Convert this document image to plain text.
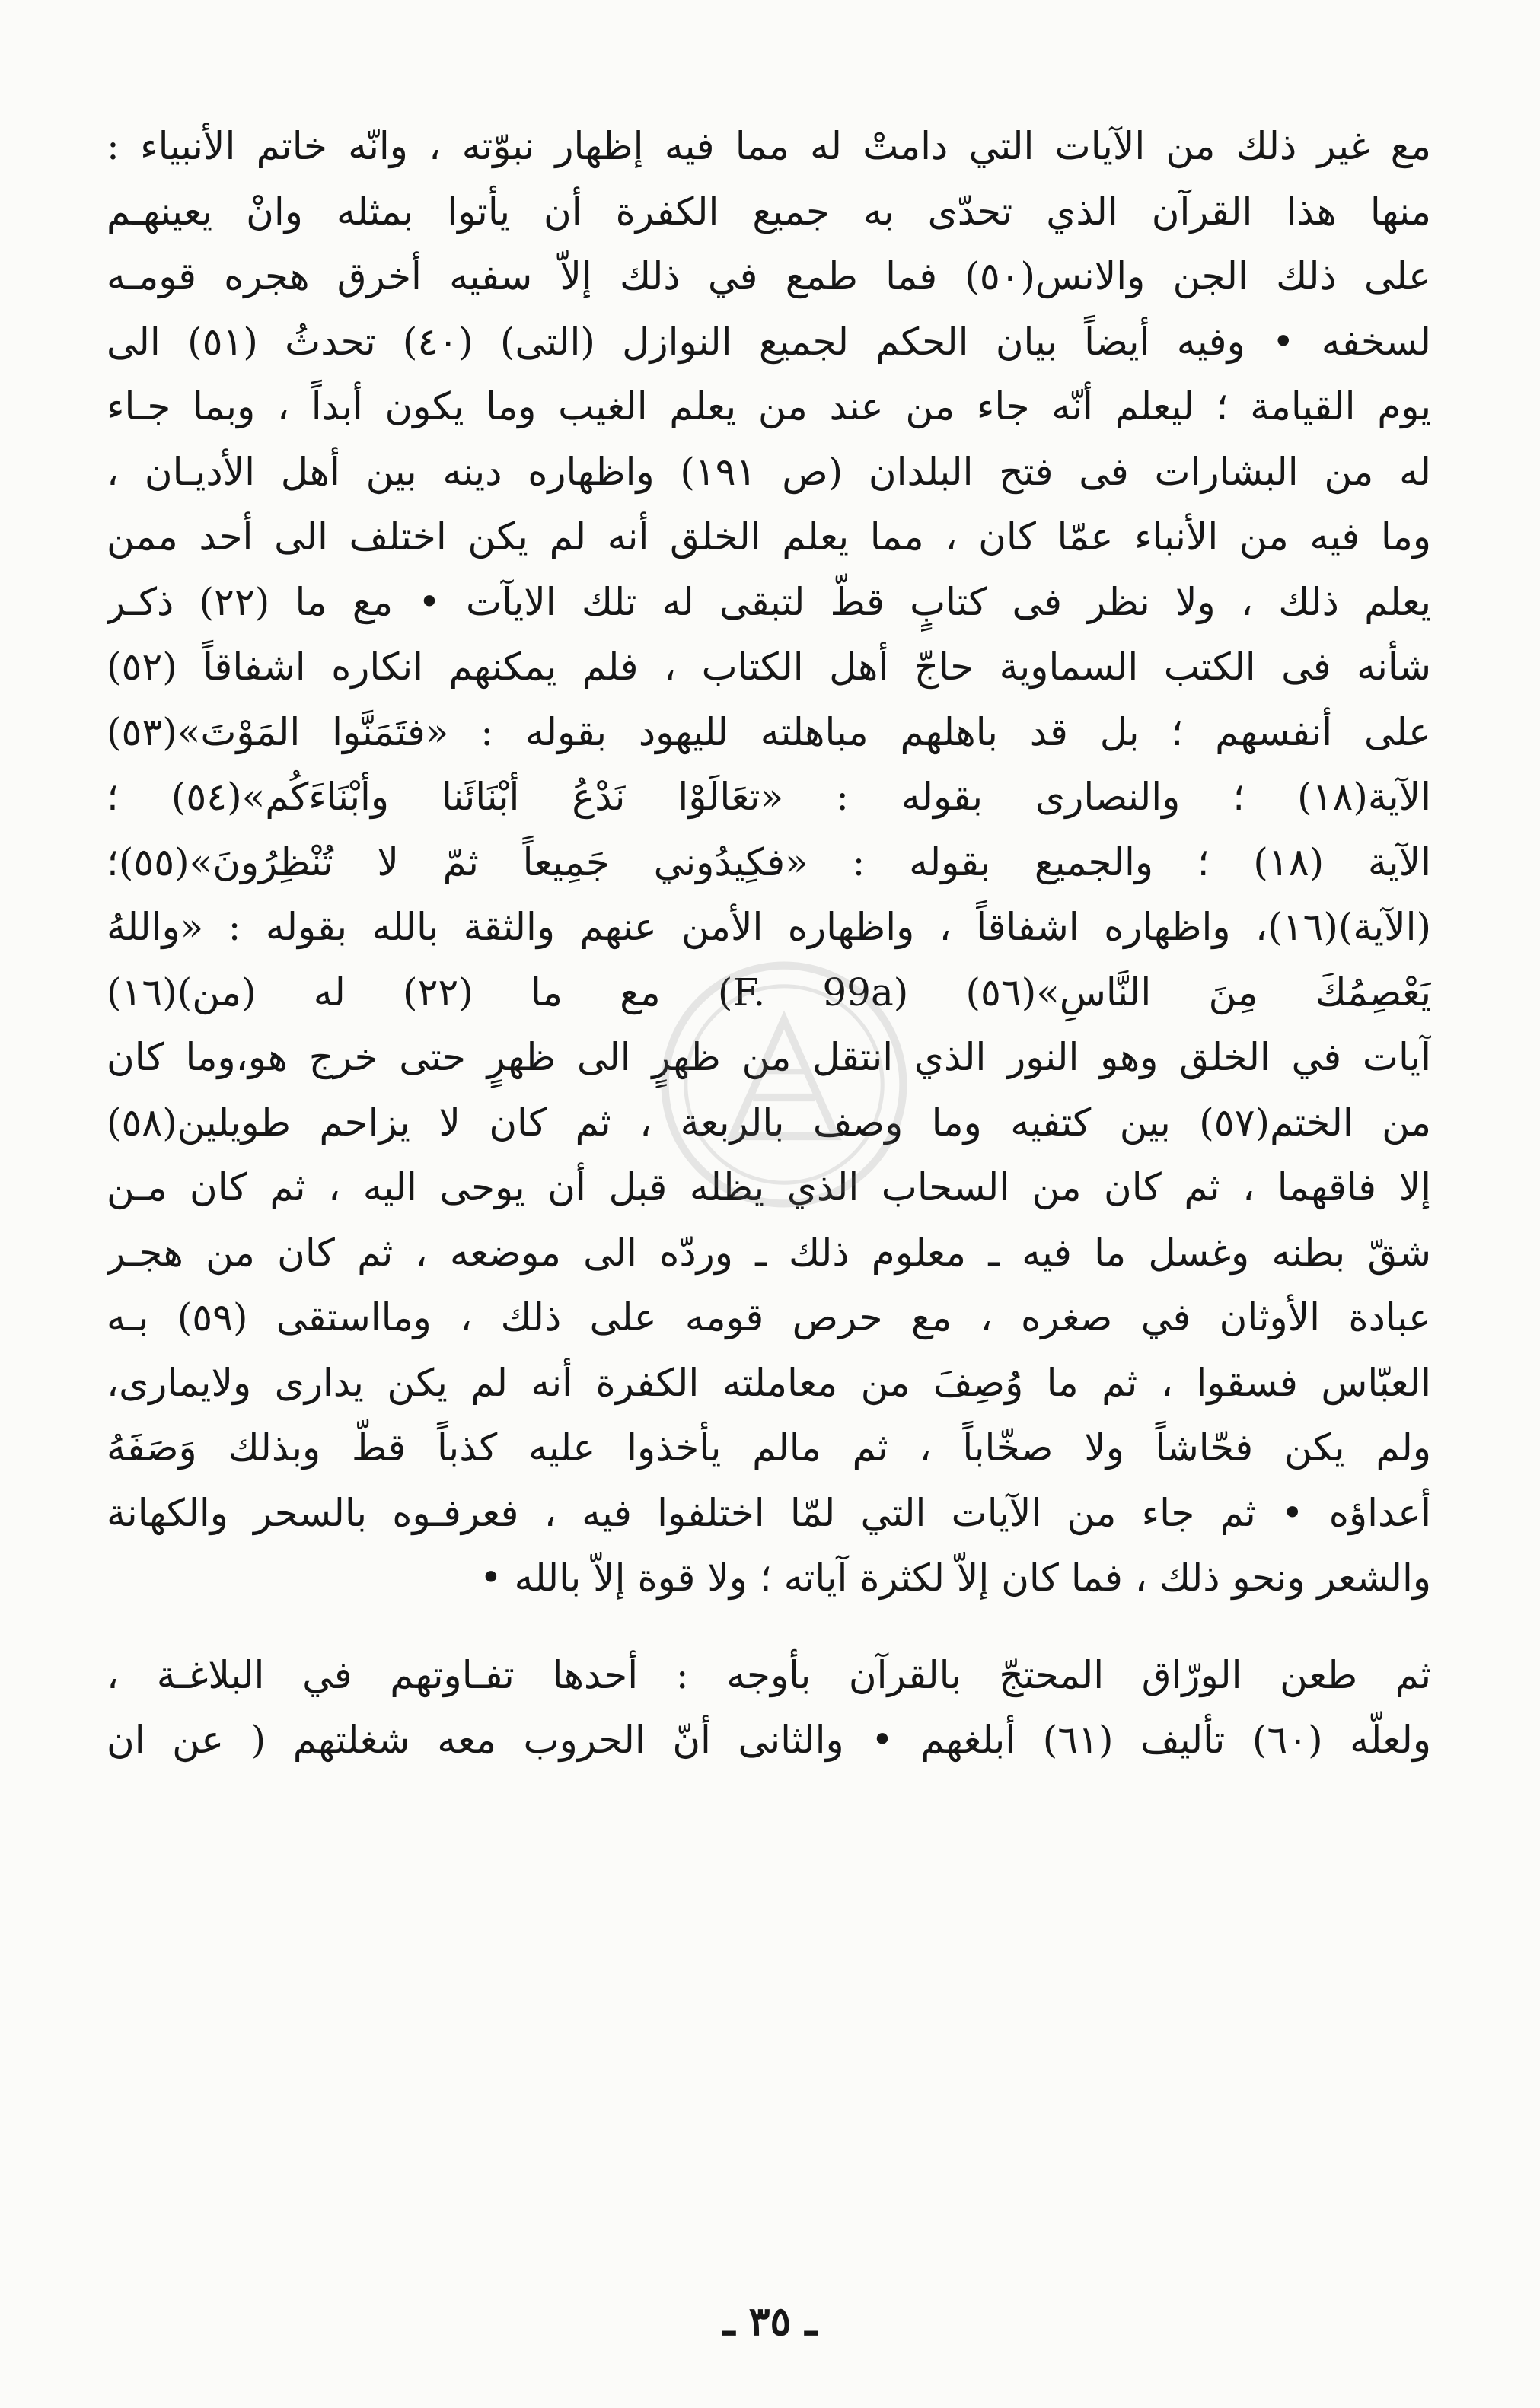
مع غير ذلك من الآيات التي دامتْ له مما فيه إظهار نبوّته ، وانّه خاتم الأنبياء :
منها هذا القرآن الذي تحدّى به جميع الكفرة أن يأتوا بمثله وانْ يعينهـم
على ذلك الجن والانس(٥٠) فما طمع في ذلك إلاّ سفيه أخرق هجره قومـه
لسخفه • وفيه أيضاً بيان الحكم لجميع النوازل (التى) (٤٠) تحدثُ (٥١) الى
يوم القيامة ؛ ليعلم أنّه جاء من عند من يعلم الغيب وما يكون أبداً ، وبما جـاء
له من البشارات فى فتح البلدان (ص ١٩١) واظهاره دينه بين أهل الأديـان ،
وما فيه من الأنباء عمّا كان ، مما يعلم الخلق أنه لم يكن اختلف الى أحد ممن
يعلم ذلك ، ولا نظر فى كتابٍ قطّ لتبقى له تلك الايآت • مع ما (٢٢) ذكـر
شأنه فى الكتب السماوية حاجّ أهل الكتاب ، فلم يمكنهم انكاره اشفاقاً (٥٢)
على أنفسهم ؛ بل قد باهلهم مباهلته لليهود بقوله : «فتَمَنَّوا المَوْتَ»(٥٣)
الآية(١٨) ؛ والنصارى بقوله : «تعَالَوْا نَدْعُ أبْنَائَنا وأبْنَاءَكُم»(٥٤) ؛
الآية (١٨) ؛ والجميع بقوله : «فكِيدُوني جَمِيعاً ثمّ لا تُنْظِرُونَ»(٥٥)؛
(الآية)(١٦)، واظهاره اشفاقاً ، واظهاره الأمن عنهم والثقة بالله بقوله : «واللهُ
يَعْصِمُكَ مِنَ النَّاسِ»(٥٦) (F. 99a) مع ما (٢٢) له (من)(١٦)
آيات في الخلق وهو النور الذي انتقل من ظهرٍ الى ظهرٍ حتى خرج هو،وما كان
من الختم(٥٧) بين كتفيه وما وصف بالربعة ، ثم كان لا يزاحم طويلين(٥٨)
إلا فاقهما ، ثم كان من السحاب الذي يظله قبل أن يوحى اليه ، ثم كان مـن
شقّ بطنه وغسل ما فيه ـ معلوم ذلك ـ وردّه الى موضعه ، ثم كان من هجـر
عبادة الأوثان في صغره ، مع حرص قومه على ذلك ، ومااستقى (٥٩) بـه
العبّاس فسقوا ، ثم ما وُصِفَ من معاملته الكفرة أنه لم يكن يدارى ولايمارى،
ولم يكن فحّاشاً ولا صخّاباً ، ثم مالم يأخذوا عليه كذباً قطّ وبذلك وَصَفَهُ
أعداؤه • ثم جاء من الآيات التي لمّا اختلفوا فيه ، فعرفـوه بالسحر والكهانة
والشعر ونحو ذلك ، فما كان إلاّ لكثرة آياته ؛ ولا قوة إلاّ بالله •
ثم طعن الورّاق المحتجّ بالقرآن بأوجه : أحدها تفـاوتهم في البلاغـة ،
ولعلّه (٦٠) تأليف (٦١) أبلغهم • والثانى أنّ الحروب معه شغلتهم ( عن ان
ـ ٣٥ ـ
